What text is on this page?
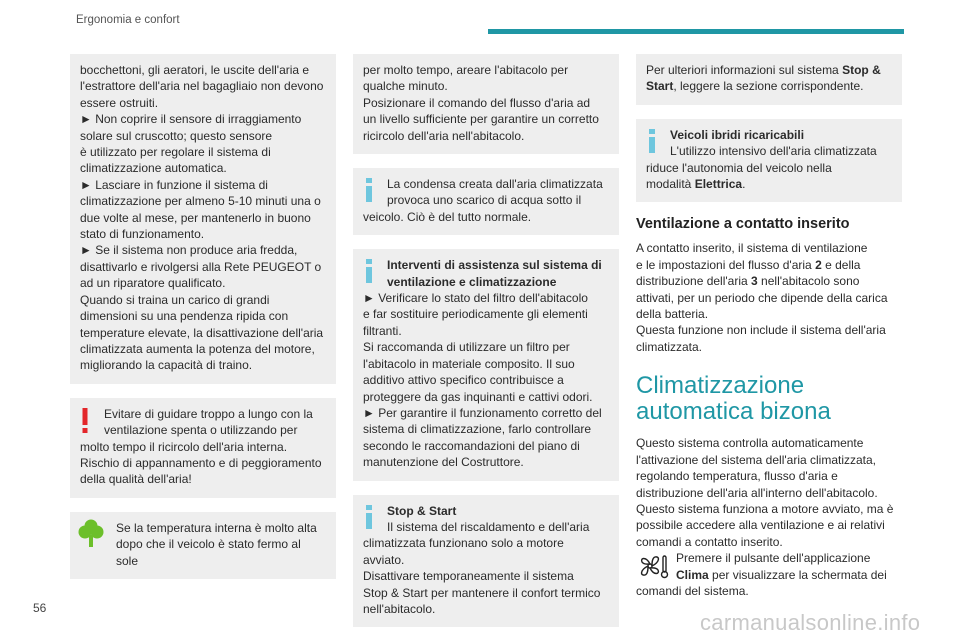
Ergonomia e confort

bocchettoni, gli aeratori, le uscite dell'aria e

l'estrattore dell'aria nel bagagliaio non devono

essere ostruiti.

► Non coprire il sensore di irraggiamento

solare sul cruscotto; questo sensore

è utilizzato per regolare il sistema di

climatizzazione automatica.

► Lasciare in funzione il sistema di

climatizzazione per almeno 5-10 minuti una o

due volte al mese, per mantenerlo in buono

stato di funzionamento.

► Se il sistema non produce aria fredda,

disattivarlo e rivolgersi alla Rete PEUGEOT o

ad un riparatore qualificato.

Quando si traina un carico di grandi

dimensioni su una pendenza ripida con

temperature elevate, la disattivazione dell'aria

climatizzata aumenta la potenza del motore,

migliorando la capacità di traino.

Evitare di guidare troppo a lungo con la

ventilazione spenta o utilizzando per

molto tempo il ricircolo dell'aria interna.

Rischio di appannamento e di peggioramento

della qualità dell'aria!

Se la temperatura interna è molto alta

dopo che il veicolo è stato fermo al sole

per molto tempo, areare l'abitacolo per

qualche minuto.

Posizionare il comando del flusso d'aria ad

un livello sufficiente per garantire un corretto

ricircolo dell'aria nell'abitacolo.

La condensa creata dall'aria climatizzata

provoca uno scarico di acqua sotto il

veicolo. Ciò è del tutto normale.

Interventi di assistenza sul sistema di

ventilazione e climatizzazione

► Verificare lo stato del filtro dell'abitacolo

e far sostituire periodicamente gli elementi

filtranti.

Si raccomanda di utilizzare un filtro per

l'abitacolo in materiale composito. Il suo

additivo attivo specifico contribuisce a

proteggere da gas inquinanti e cattivi odori.

► Per garantire il funzionamento corretto del

sistema di climatizzazione, farlo controllare

secondo le raccomandazioni del piano di

manutenzione del Costruttore.

Stop & Start

Il sistema del riscaldamento e dell'aria

climatizzata funzionano solo a motore

avviato.

Disattivare temporaneamente il sistema

Stop & Start per mantenere il confort termico

nell'abitacolo.

Per ulteriori informazioni sul sistema Stop &

Start, leggere la sezione corrispondente.

Veicoli ibridi ricaricabili

L'utilizzo intensivo dell'aria climatizzata

riduce l'autonomia del veicolo nella

modalità Elettrica.

Ventilazione a contatto inserito

A contatto inserito, il sistema di ventilazione

e le impostazioni del flusso d'aria 2 e della

distribuzione dell'aria 3 nell'abitacolo sono

attivati, per un periodo che dipende della carica

della batteria.

Questa funzione non include il sistema dell'aria

climatizzata.

Climatizzazione
automatica bizona

Questo sistema controlla automaticamente

l'attivazione del sistema dell'aria climatizzata,

regolando temperatura, flusso d'aria e

distribuzione dell'aria all'interno dell'abitacolo.

Questo sistema funziona a motore avviato, ma è

possibile accedere alla ventilazione e ai relativi

comandi a contatto inserito.

Premere il pulsante dell'applicazione

Clima per visualizzare la schermata dei

comandi del sistema.

56
carmanualsonline.info
